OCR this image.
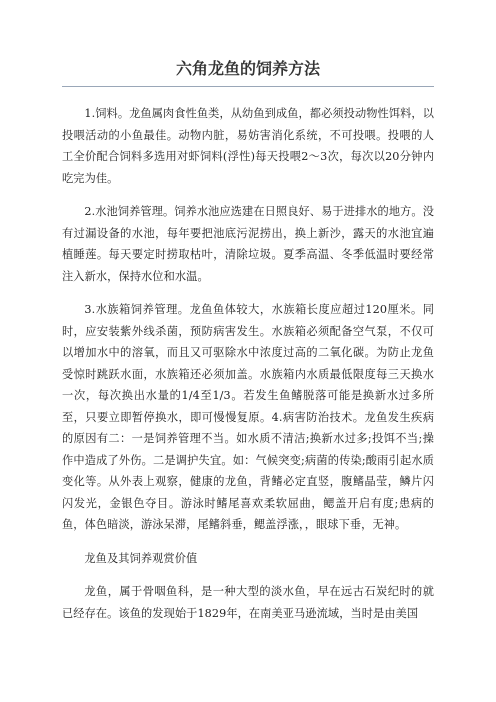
六角龙鱼的饲养方法

1.饲料。龙鱼属肉食性鱼类，从幼鱼到成鱼，都必须投动物性饵料，以投喂活动的小鱼最佳。动物内脏，易妨害消化系统，不可投喂。投喂的人工全价配合饲料多选用对虾饲料(浮性)每天投喂2～3次，每次以20分钟内吃完为佳。

2.水池饲养管理。饲养水池应选建在日照良好、易于进排水的地方。没有过漏设备的水池，每年要把池底污泥捞出，换上新沙，露天的水池宜遍植睡莲。每天要定时捞取枯叶，清除垃圾。夏季高温、冬季低温时要经常注入新水，保持水位和水温。

3.水族箱饲养管理。龙鱼鱼体较大，水族箱长度应超过120厘米。同时，应安装紫外线杀菌，预防病害发生。水族箱必须配备空气泵，不仅可以增加水中的溶氧，而且又可驱除水中浓度过高的二氧化碳。为防止龙鱼受惊时跳跃水面，水族箱还必须加盖。水族箱内水质最低限度每三天换水一次，每次换出水量的1/4至1/3。若发生鱼鳍脱落可能是换新水过多所至，只要立即暂停换水，即可慢慢复原。4.病害防治技术。龙鱼发生疾病的原因有二：一是饲养管理不当。如水质不清洁;换新水过多;投饵不当;操作中造成了外伤。二是调护失宜。如：气候突变;病菌的传染;酸雨引起水质变化等。从外表上观察，健康的龙鱼，背鳍必定直竖，腹鳍晶莹，鳞片闪闪发光，金银色夺目。游泳时鳍尾喜欢柔软屈曲，鳃盖开启有度;患病的鱼，体色暗淡，游泳呆滞，尾鳍斜垂，鳃盖浮涨，，眼球下垂，无神。

龙鱼及其饲养观赏价值

龙鱼，属于骨咽鱼科，是一种大型的淡水鱼，早在远古石炭纪时的就已经存在。该鱼的发现始于1829年，在南美亚马逊流域，当时是由美国
